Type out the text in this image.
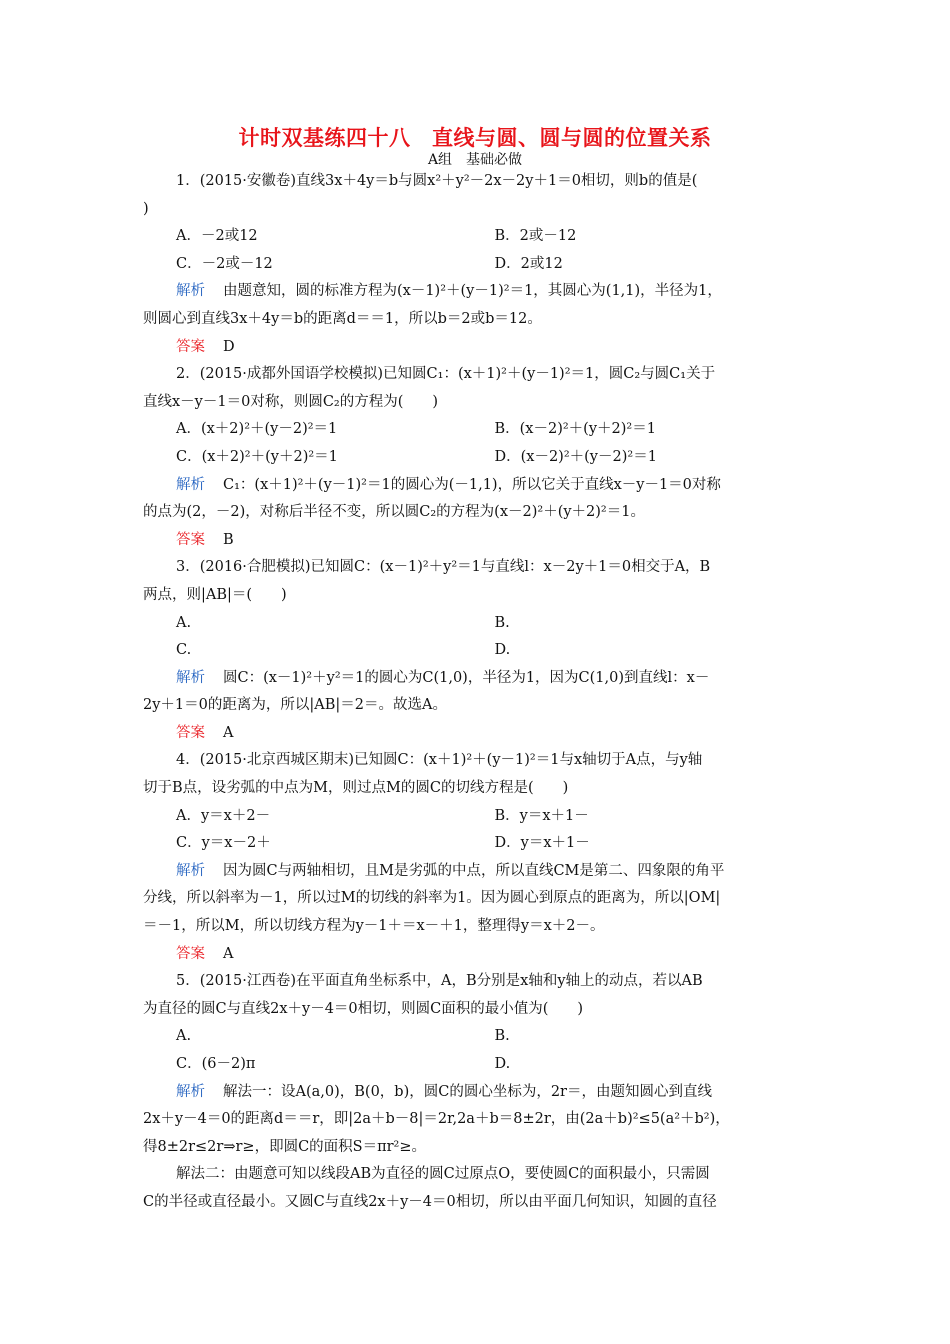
计时双基练四十八　直线与圆、圆与圆的位置关系
A组　基础必做
1．(2015·安徽卷)直线3x＋4y＝b与圆x²＋y²－2x－2y＋1＝0相切，则b的值是(
)
A．－2或12	B．2或－12
C．－2或－12	D．2或12
解析 由题意知，圆的标准方程为(x－1)²＋(y－1)²＝1，其圆心为(1,1)，半径为1，
则圆心到直线3x＋4y＝b的距离d＝＝1，所以b＝2或b＝12。
答案 D
2．(2015·成都外国语学校模拟)已知圆C₁：(x＋1)²＋(y－1)²＝1，圆C₂与圆C₁关于
直线x－y－1＝0对称，则圆C₂的方程为(　　)
A．(x＋2)²＋(y－2)²＝1	B．(x－2)²＋(y＋2)²＝1
C．(x＋2)²＋(y＋2)²＝1	D．(x－2)²＋(y－2)²＝1
解析 C₁：(x＋1)²＋(y－1)²＝1的圆心为(－1,1)，所以它关于直线x－y－1＝0对称
的点为(2，－2)，对称后半径不变，所以圆C₂的方程为(x－2)²＋(y＋2)²＝1。
答案 B
3．(2016·合肥模拟)已知圆C：(x－1)²＋y²＝1与直线l：x－2y＋1＝0相交于A，B
两点，则|AB|＝(　　)
A.	B.
C.	D.
解析 圆C：(x－1)²＋y²＝1的圆心为C(1,0)，半径为1，因为C(1,0)到直线l：x－
2y＋1＝0的距离为，所以|AB|＝2＝。故选A。
答案 A
4．(2015·北京西城区期末)已知圆C：(x＋1)²＋(y－1)²＝1与x轴切于A点，与y轴
切于B点，设劣弧的中点为M，则过点M的圆C的切线方程是(　　)
A．y＝x＋2－	B．y＝x＋1－
C．y＝x－2＋	D．y＝x＋1－
解析 因为圆C与两轴相切，且M是劣弧的中点，所以直线CM是第二、四象限的角平
分线，所以斜率为－1，所以过M的切线的斜率为1。因为圆心到原点的距离为，所以|OM|
＝－1，所以M，所以切线方程为y－1＋＝x－＋1，整理得y＝x＋2－。
答案 A
5．(2015·江西卷)在平面直角坐标系中，A，B分别是x轴和y轴上的动点，若以AB
为直径的圆C与直线2x＋y－4＝0相切，则圆C面积的最小值为(　　)
A.	B.
C．(6－2)π	D.
解析 解法一：设A(a,0)，B(0，b)，圆C的圆心坐标为，2r＝，由题知圆心到直线
2x＋y－4＝0的距离d＝＝r，即|2a＋b－8|＝2r,2a＋b＝8±2r，由(2a＋b)²≤5(a²＋b²)，
得8±2r≤2r⇒r≥，即圆C的面积S＝πr²≥。
解法二：由题意可知以线段AB为直径的圆C过原点O，要使圆C的面积最小，只需圆
C的半径或直径最小。又圆C与直线2x＋y－4＝0相切，所以由平面几何知识，知圆的直径
